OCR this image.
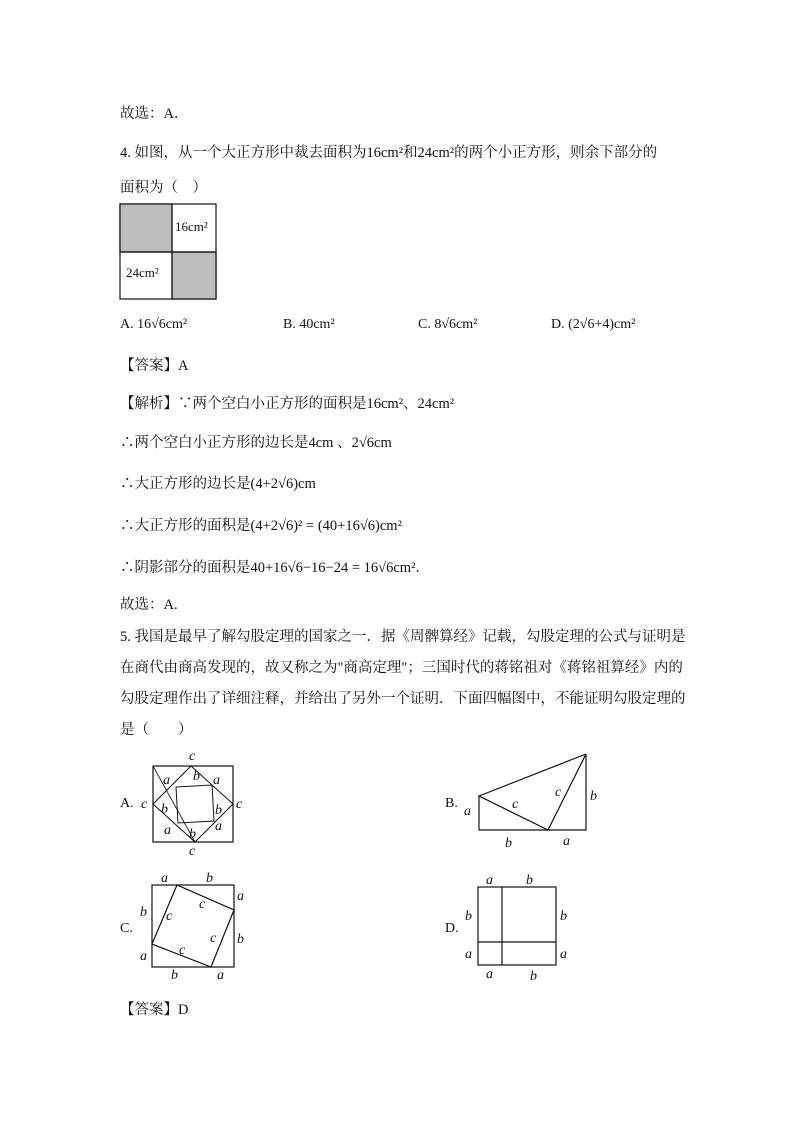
故选：A．
4. 如图，从一个大正方形中裁去面积为16cm²和24cm²的两个小正方形，则余下部分的
面积为（　）
16cm²
24cm²
A. 16√6cm²	B. 40cm²	C. 8√6cm²	D. (2√6+4)cm²
【答案】A
【解析】∵两个空白小正方形的面积是16cm²、24cm²
∴两个空白小正方形的边长是4cm 、2√6cm
∴大正方形的边长是(4+2√6)cm
∴大正方形的面积是(4+2√6)² = (40+16√6)cm²
∴阴影部分的面积是40+16√6−16−24 = 16√6cm²．
故选：A.
5. 我国是最早了解勾股定理的国家之一．据《周髀算经》记载，勾股定理的公式与证明是
在商代由商高发现的，故又称之为"商高定理"；三国时代的蒋铭祖对《蒋铭祖算经》内的
勾股定理作出了详细注释，并给出了另外一个证明．下面四幅图中，不能证明勾股定理的
是（　　）
A.
c
c
c	c
a b a
b	b
a b
a
B.
a	c
c b
b	a
C.
a	b
b
a
a
b
b	a
c
c
c
c
D.
a b
b	b
a	a
a	b
【答案】D
